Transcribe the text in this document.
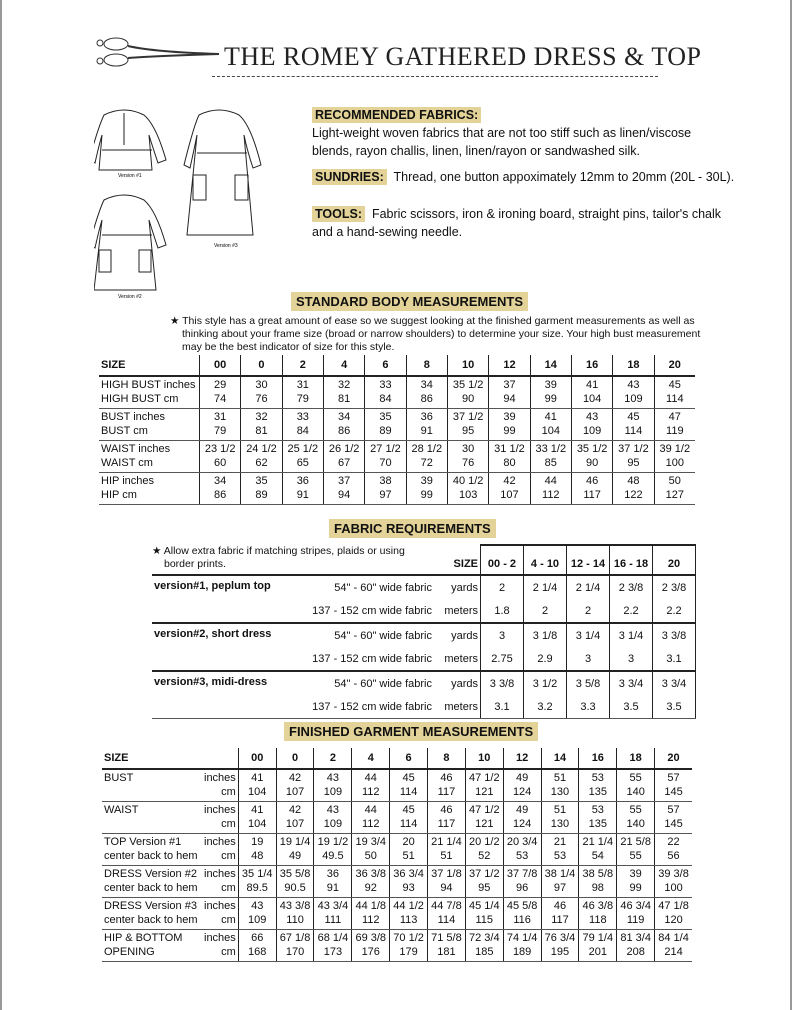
THE ROMEY GATHERED DRESS & TOP
Version #1
Version #2
Version #3
RECOMMENDED FABRICS:
Light-weight woven fabrics that are not too stiff such as linen/viscose blends, rayon challis, linen, linen/rayon or sandwashed silk.
SUNDRIES: Thread, one button appoximately 12mm to 20mm (20L - 30L).
TOOLS: Fabric scissors, iron & ironing board, straight pins, tailor's chalk and a hand-sewing needle.
STANDARD BODY MEASUREMENTS
★ This style has a great amount of ease so we suggest looking at the finished garment measurements as well as thinking about your frame size (broad or narrow shoulders) to determine your size. Your high bust measurement may be the best indicator of size for this style.
SIZE	00	0	2	4	6	8	10	12	14	16	18	20
HIGH BUST inches	29	30	31	32	33	34	35 1/2	37	39	41	43	45
HIGH BUST cm	74	76	79	81	84	86	90	94	99	104	109	114
BUST inches	31	32	33	34	35	36	37 1/2	39	41	43	45	47
BUST cm	79	81	84	86	89	91	95	99	104	109	114	119
WAIST inches	23 1/2	24 1/2	25 1/2	26 1/2	27 1/2	28 1/2	30	31 1/2	33 1/2	35 1/2	37 1/2	39 1/2
WAIST cm	60	62	65	67	70	72	76	80	85	90	95	100
HIP inches	34	35	36	37	38	39	40 1/2	42	44	46	48	50
HIP cm	86	89	91	94	97	99	103	107	112	117	122	127
FABRIC REQUIREMENTS
★ Allow extra fabric if matching stripes, plaids or using border prints.		SIZE	00 - 2	4 - 10	12 - 14	16 - 18	20
version#1, peplum top	54" - 60" wide fabric	yards	2	2 1/4	2 1/4	2 3/8	2 3/8
	137 - 152 cm wide fabric	meters	1.8	2	2	2.2	2.2
version#2, short dress	54" - 60" wide fabric	yards	3	3 1/8	3 1/4	3 1/4	3 3/8
	137 - 152 cm wide fabric	meters	2.75	2.9	3	3	3.1
version#3, midi-dress	54" - 60" wide fabric	yards	3 3/8	3 1/2	3 5/8	3 3/4	3 3/4
	137 - 152 cm wide fabric	meters	3.1	3.2	3.3	3.5	3.5
FINISHED GARMENT MEASUREMENTS
SIZE		00	0	2	4	6	8	10	12	14	16	18	20
BUST	inches	41	42	43	44	45	46	47 1/2	49	51	53	55	57
	cm	104	107	109	112	114	117	121	124	130	135	140	145
WAIST	inches	41	42	43	44	45	46	47 1/2	49	51	53	55	57
	cm	104	107	109	112	114	117	121	124	130	135	140	145
TOP Version #1	inches	19	19 1/4	19 1/2	19 3/4	20	21 1/4	20 1/2	20 3/4	21	21 1/4	21 5/8	22
center back to hem	cm	48	49	49.5	50	51	51	52	53	53	54	55	56
DRESS Version #2	inches	35 1/4	35 5/8	36	36 3/8	36 3/4	37 1/8	37 1/2	37 7/8	38 1/4	38 5/8	39	39 3/8
center back to hem	cm	89.5	90.5	91	92	93	94	95	96	97	98	99	100
DRESS Version #3	inches	43	43 3/8	43 3/4	44 1/8	44 1/2	44 7/8	45 1/4	45 5/8	46	46 3/8	46 3/4	47 1/8
center back to hem	cm	109	110	111	112	113	114	115	116	117	118	119	120
HIP & BOTTOM	inches	66	67 1/8	68 1/4	69 3/8	70 1/2	71 5/8	72 3/4	74 1/4	76 3/4	79 1/4	81 3/4	84 1/4
OPENING	cm	168	170	173	176	179	181	185	189	195	201	208	214
